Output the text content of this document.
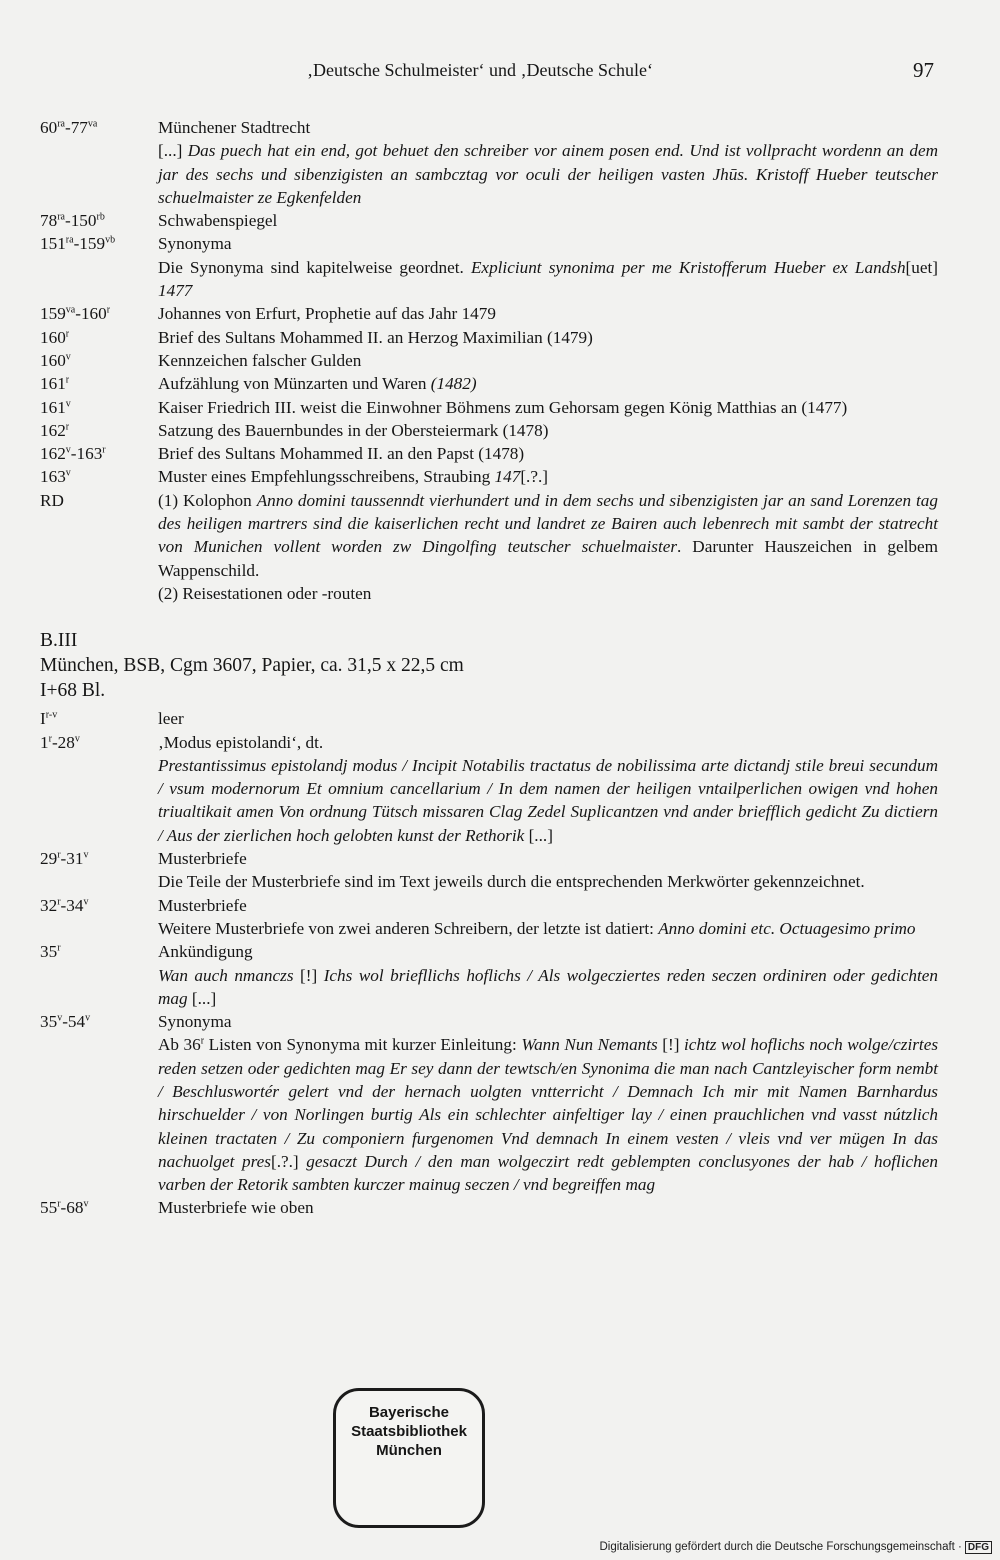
‚Deutsche Schulmeister‘ und ‚Deutsche Schule‘	97
$60^{ra}-77^{va}$	Münchener Stadtrecht
[...] Das puech hat ein end, got behuet den schreiber vor ainem posen end. Und ist vollpracht wordenn an dem jar des sechs und sibenzigisten an sambcztag vor oculi der heiligen vasten Jhūs. Kristoff Hueber teutscher schuelmaister ze Egkenfelden
$78^{ra}-150^{rb}$	Schwabenspiegel
$151^{ra}-159^{vb}$	Synonyma
Die Synonyma sind kapitelweise geordnet. Expliciunt synonima per me Kristofferum Hueber ex Landsh[uet] 1477
$159^{va}-160^r$	Johannes von Erfurt, Prophetie auf das Jahr 1479
160$^r$	Brief des Sultans Mohammed II. an Herzog Maximilian (1479)
160$^v$	Kennzeichen falscher Gulden
161$^r$	Aufzählung von Münzarten und Waren (1482)
161$^v$	Kaiser Friedrich III. weist die Einwohner Böhmens zum Gehorsam gegen König Matthias an (1477)
162$^r$	Satzung des Bauernbundes in der Obersteiermark (1478)
162$^v$-163$^r$	Brief des Sultans Mohammed II. an den Papst (1478)
163$^v$	Muster eines Empfehlungsschreibens, Straubing 147[.?.]
RD	(1) Kolophon Anno domini taussenndt vierhundert und in dem sechs und sibenzigisten jar an sand Lorenzen tag des heiligen martrers sind die kaiserlichen recht und landret ze Bairen auch lebenrech mit sambt der statrecht von Munichen vollent worden zw Dingolfing teutscher schuelmaister. Darunter Hauszeichen in gelbem Wappenschild.
(2) Reisestationen oder -routen
B.III
München, BSB, Cgm 3607, Papier, ca. 31,5 x 22,5 cm
I+68 Bl.
$I^{r-v}$	leer
1$^r$-28$^v$	‚Modus epistolandi‘, dt.
Prestantissimus epistolandj modus / Incipit Notabilis tractatus de nobilissima arte dictandj stile breui secundum / vsum modernorum Et omnium cancellarium / In dem namen der heiligen vntailperlichen owigen vnd hohen triualtikait amen Von ordnung Tütsch missaren Clag Zedel Suplicantzen vnd ander briefflich gedicht Zu dictiern / Aus der zierlichen hoch gelobten kunst der Rethorik [...]
29$^r$-31$^v$	Musterbriefe
Die Teile der Musterbriefe sind im Text jeweils durch die entsprechenden Merkwörter gekennzeichnet.
32$^r$-34$^v$	Musterbriefe
Weitere Musterbriefe von zwei anderen Schreibern, der letzte ist datiert: Anno domini etc. Octuagesimo primo
35$^r$	Ankündigung
Wan auch nmanczs [!] Ichs wol briefllichs hoflichs / Als wolgecziertes reden seczen ordiniren oder gedichten mag [...]
35$^v$-54$^v$	Synonyma
Ab 36$^r$ Listen von Synonyma mit kurzer Einleitung: Wann Nun Nemants [!] ichtz wol hoflichs noch wolge/czirtes reden setzen oder gedichten mag Er sey dann der tewtsch/en Synonima die man nach Cantzleyischer form nembt / Beschluswortér gelert vnd der hernach uolgten vntterricht / Demnach Ich mir mit Namen Barnhardus hirschuelder / von Norlingen burtig Als ein schlechter ainfeltiger lay / einen prauchlichen vnd vasst nútzlich kleinen tractaten / Zu componiern furgenomen Vnd demnach In einem vesten / vleis vnd ver mügen In das nachuolget pres[.?.] gesaczt Durch / den man wolgeczirt redt geblempten conclusyones der hab / hoflichen varben der Retorik sambten kurczer mainug seczen / vnd begreiffen mag
55$^r$-68$^v$	Musterbriefe wie oben
Bayerische
Staatsbibliothek
München
Digitalisierung gefördert durch die Deutsche Forschungsgemeinschaft · DFG
